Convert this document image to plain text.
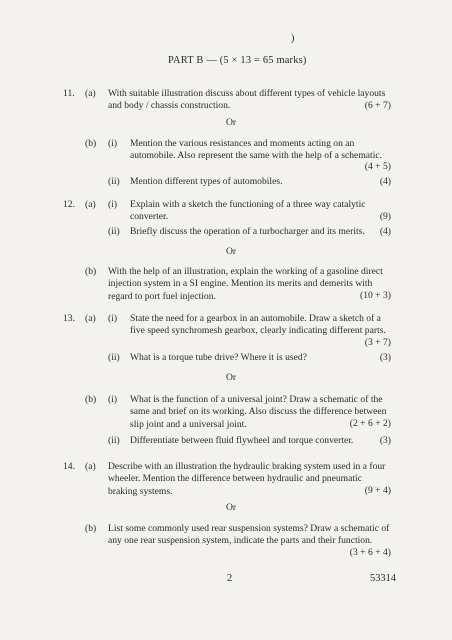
)
PART B — (5 × 13 = 65 marks)
11. (a) With suitable illustration discuss about different types of vehicle layouts
and body / chassis construction.	(6 + 7)
Or
(b) (i) Mention the various resistances and moments acting on an
automobile. Also represent the same with the help of a schematic.
(4 + 5)
(ii) Mention different types of automobiles.	(4)
12. (a) (i) Explain with a sketch the functioning of a three way catalytic
converter.	(9)
(ii) Briefly discuss the operation of a turbocharger and its merits. (4)
Or
(b) With the help of an illustration, explain the working of a gasoline direct
injection system in a SI engine. Mention its merits and demerits with
regard to port fuel injection.	(10 + 3)
13. (a) (i) State the need for a gearbox in an automobile. Draw a sketch of a
five speed synchromesh gearbox, clearly indicating different parts.
(3 + 7)
(ii) What is a torque tube drive? Where it is used?	(3)
Or
(b) (i) What is the function of a universal joint? Draw a schematic of the
same and brief on its working. Also discuss the difference between
slip joint and a universal joint.	(2 + 6 + 2)
(ii) Differentiate between fluid flywheel and torque converter.	(3)
14. (a) Describe with an illustration the hydraulic braking system used in a four
wheeler. Mention the difference between hydraulic and pneumatic
braking systems.	(9 + 4)
Or
(b) List some commonly used rear suspension systems? Draw a schematic of
any one rear suspension system, indicate the parts and their function.
(3 + 6 + 4)
2	53314
